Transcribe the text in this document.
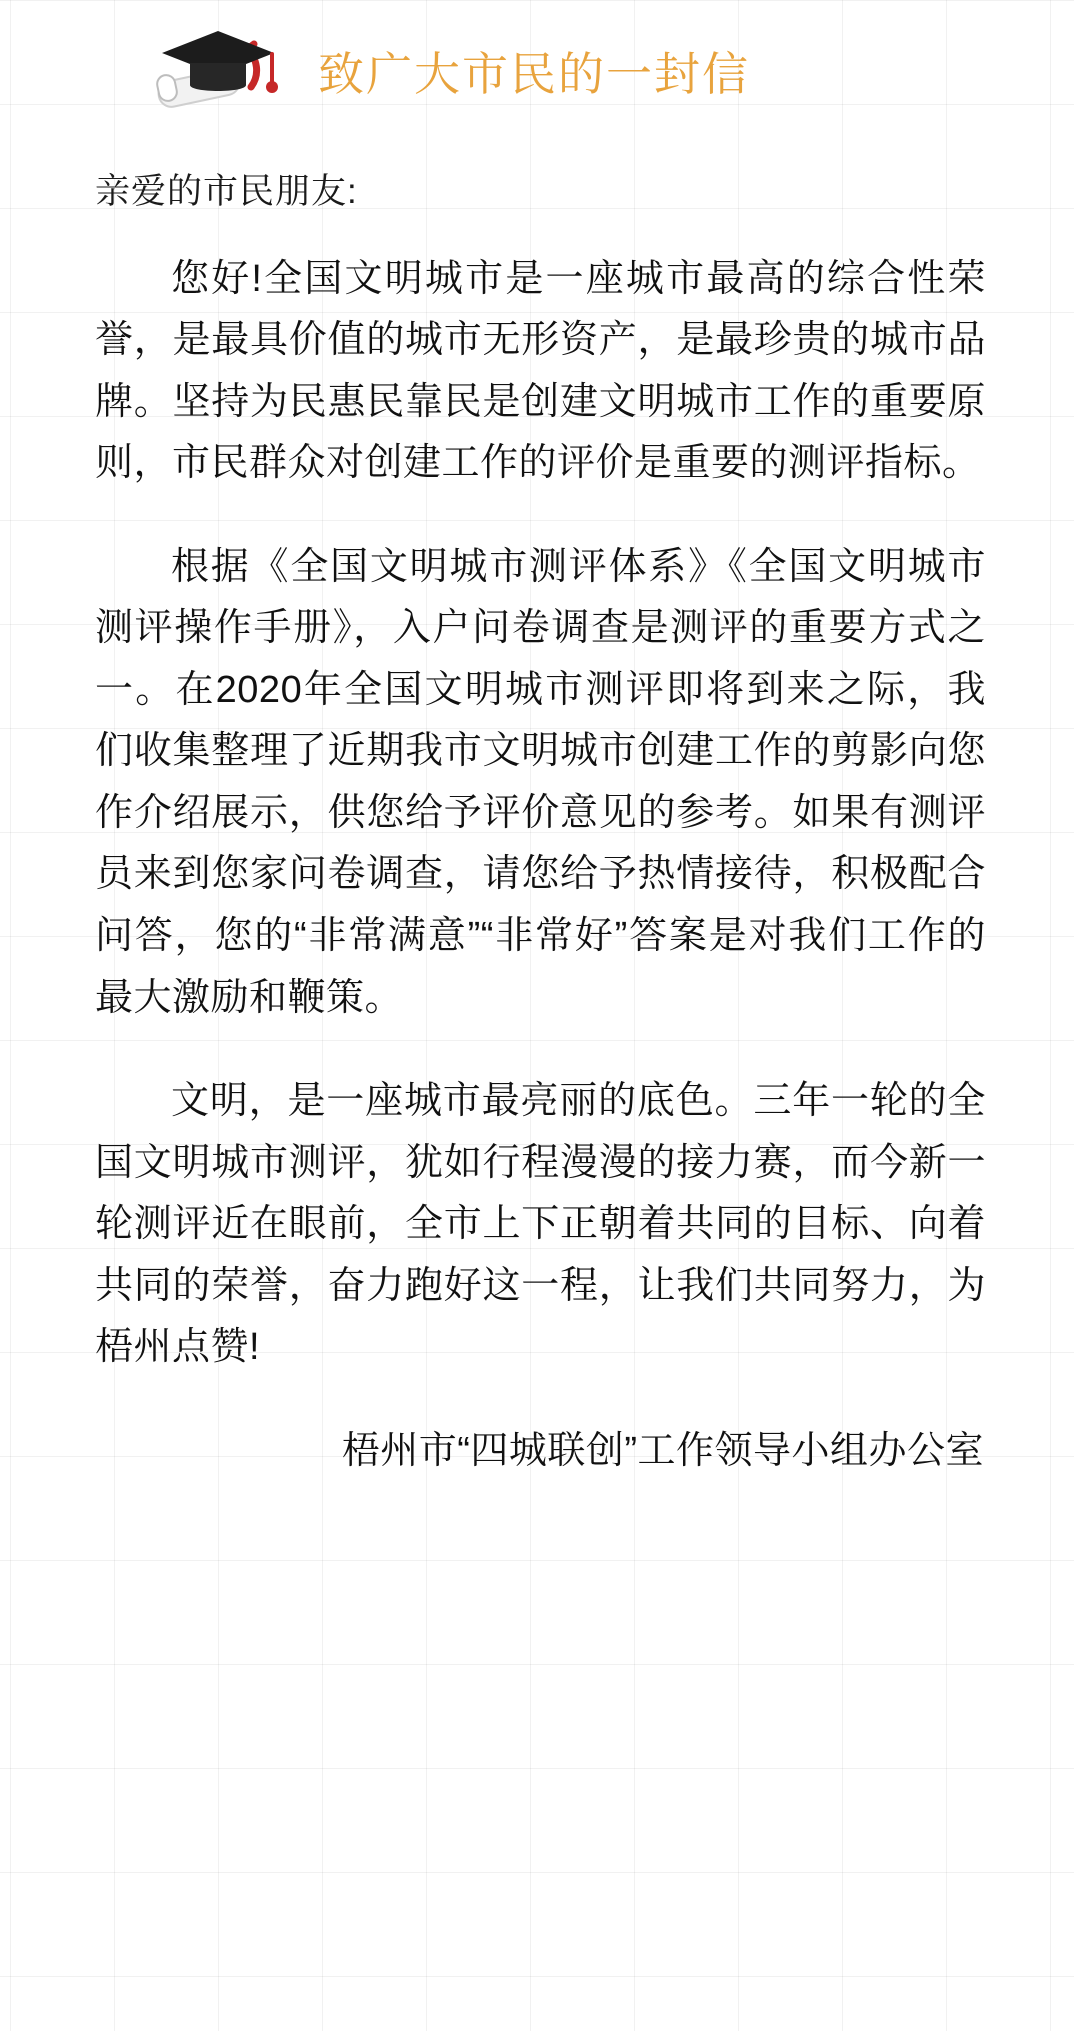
致广大市民的一封信
亲爱的市民朋友:

您好!全国文明城市是一座城市最高的综合性荣誉，是最具价值的城市无形资产，是最珍贵的城市品牌。坚持为民惠民靠民是创建文明城市工作的重要原则，市民群众对创建工作的评价是重要的测评指标。

根据《全国文明城市测评体系》《全国文明城市测评操作手册》，入户问卷调查是测评的重要方式之一。在2020年全国文明城市测评即将到来之际，我们收集整理了近期我市文明城市创建工作的剪影向您作介绍展示，供您给予评价意见的参考。如果有测评员来到您家问卷调查，请您给予热情接待，积极配合问答，您的“非常满意”“非常好”答案是对我们工作的最大激励和鞭策。

文明，是一座城市最亮丽的底色。三年一轮的全国文明城市测评，犹如行程漫漫的接力赛，而今新一轮测评近在眼前，全市上下正朝着共同的目标、向着共同的荣誉，奋力跑好这一程，让我们共同努力，为梧州点赞!

梧州市“四城联创”工作领导小组办公室
